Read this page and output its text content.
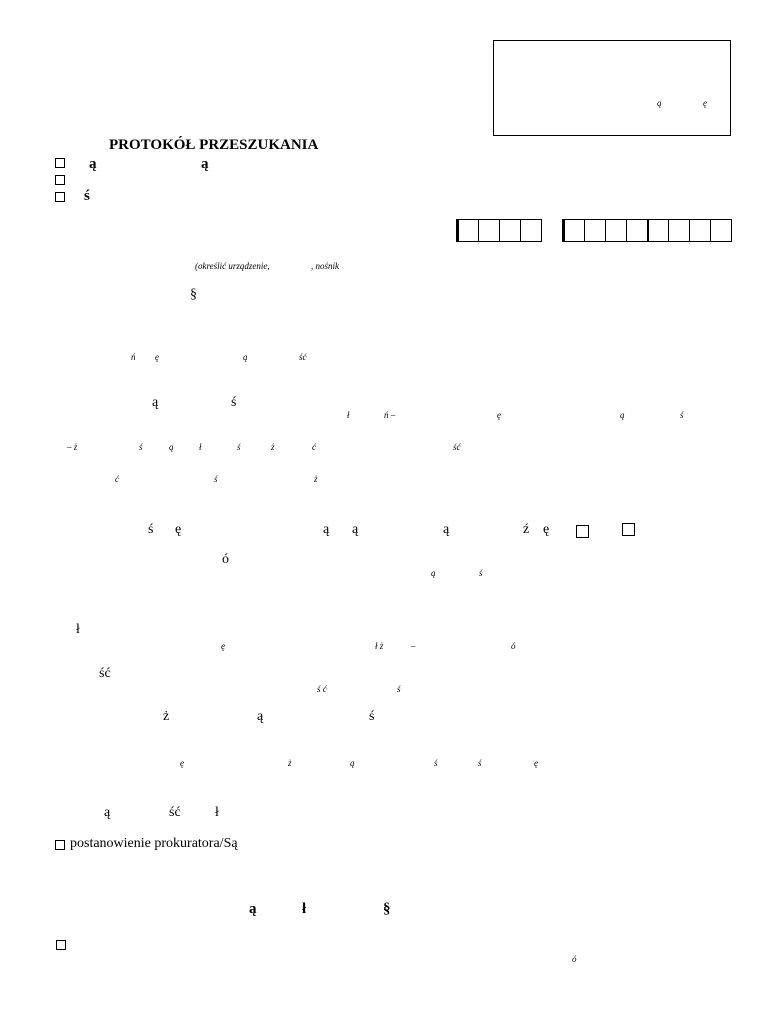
ą	ę
PROTOKÓŁ PRZESZUKANIA
ą	ą
ś
(określić urządzenie,	, nośnik
§
ń ę	ą	ść
ą	ś
ł	ń –	ę	ą	ś
– ż	ś	ą	ł	ś	ż	ć	ść
ć	ś	ż
ś ę	ą ą	ą	ź ę
ó
ą	ś
ł
ę	ł ż	–	ó
ść
ś ć	ś
ż	ą	ś
ę	ż	ą	ś	ś	ę
ą	ść ł
postanowienie prokuratora/Są
ą	ł	§
ó
